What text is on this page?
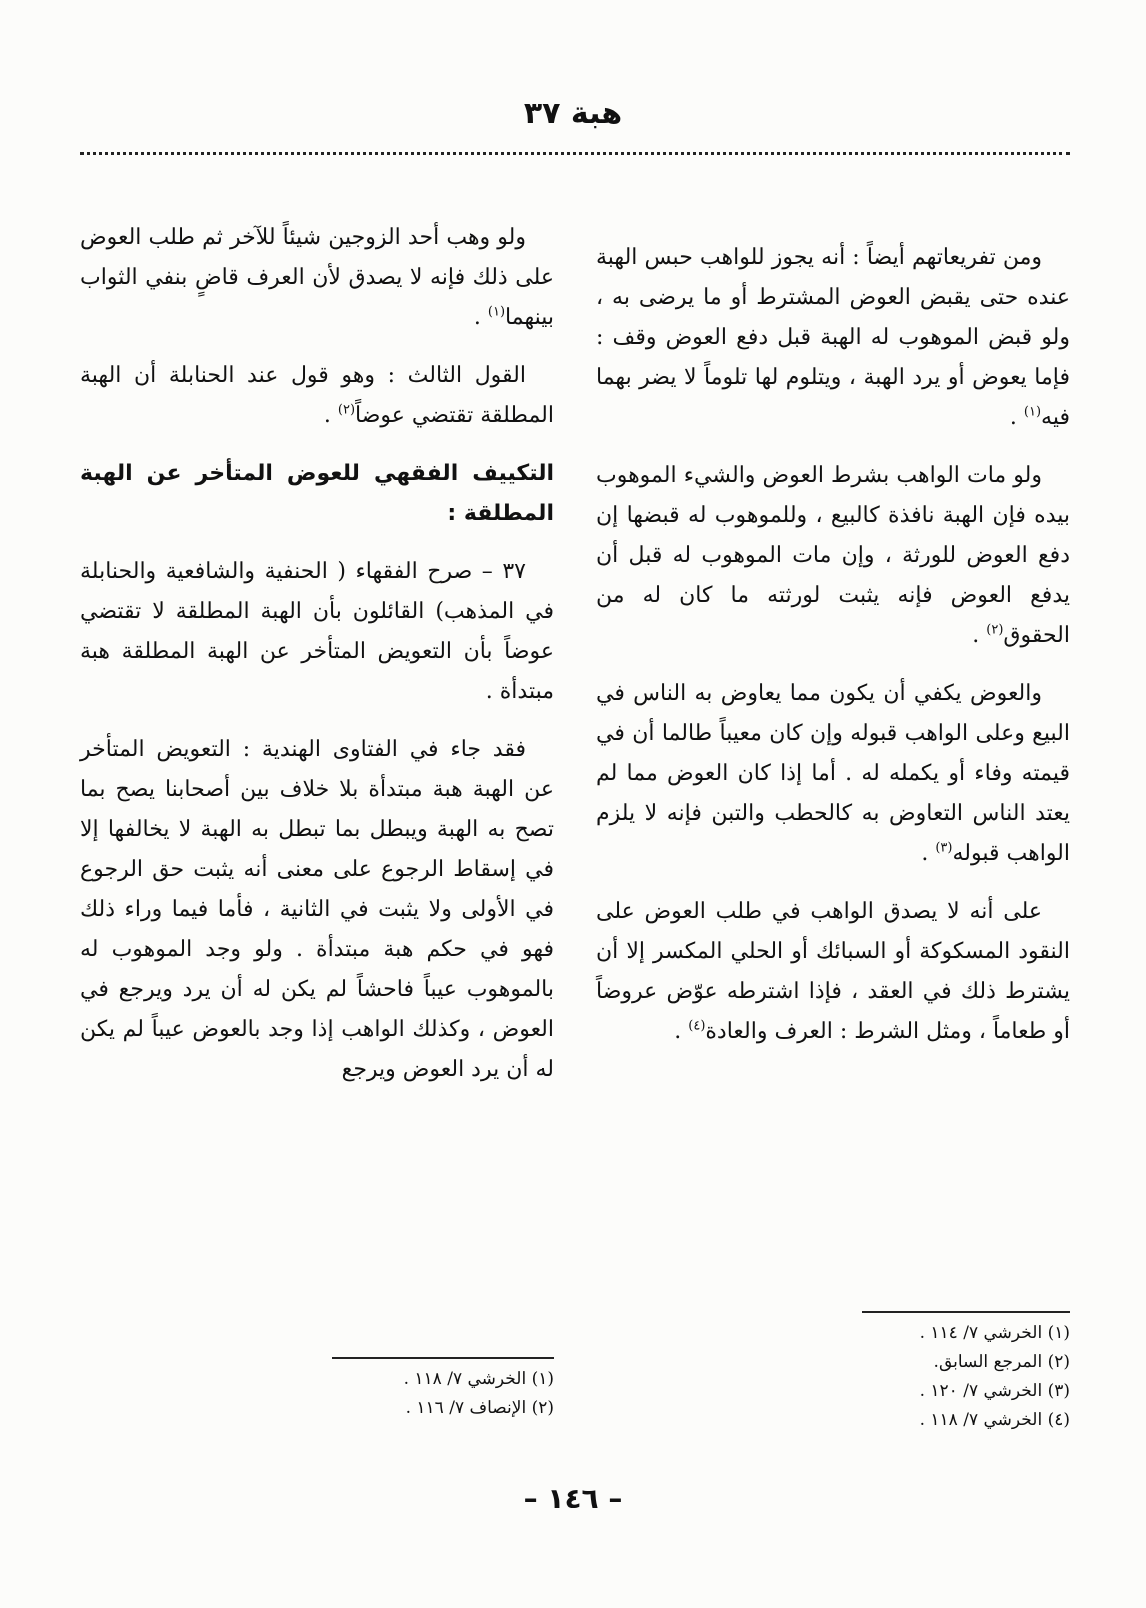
هبة ٣٧

ومن تفريعاتهم أيضاً : أنه يجوز للواهب حبس الهبة عنده حتى يقبض العوض المشترط أو ما يرضى به ، ولو قبض الموهوب له الهبة قبل دفع العوض وقف : فإما يعوض أو يرد الهبة ، ويتلوم لها تلوماً لا يضر بهما فيه$^{(١)}$ .

ولو مات الواهب بشرط العوض والشيء الموهوب بيده فإن الهبة نافذة كالبيع ، وللموهوب له قبضها إن دفع العوض للورثة ، وإن مات الموهوب له قبل أن يدفع العوض فإنه يثبت لورثته ما كان له من الحقوق$^{(٢)}$ .

والعوض يكفي أن يكون مما يعاوض به الناس في البيع وعلى الواهب قبوله وإن كان معيباً طالما أن في قيمته وفاء أو يكمله له . أما إذا كان العوض مما لم يعتد الناس التعاوض به كالحطب والتبن فإنه لا يلزم الواهب قبوله$^{(٣)}$ .

على أنه لا يصدق الواهب في طلب العوض على النقود المسكوكة أو السبائك أو الحلي المكسر إلا أن يشترط ذلك في العقد ، فإذا اشترطه عوّض عروضاً أو طعاماً ، ومثل الشرط : العرف والعادة$^{(٤)}$ .

ولو وهب أحد الزوجين شيئاً للآخر ثم طلب العوض على ذلك فإنه لا يصدق لأن العرف قاضٍ بنفي الثواب بينهما$^{(١)}$ .

القول الثالث : وهو قول عند الحنابلة أن الهبة المطلقة تقتضي عوضاً$^{(٢)}$ .

التكييف الفقهي للعوض المتأخر عن الهبة المطلقة :

٣٧ – صرح الفقهاء ( الحنفية والشافعية والحنابلة في المذهب) القائلون بأن الهبة المطلقة لا تقتضي عوضاً بأن التعويض المتأخر عن الهبة المطلقة هبة مبتدأة .

فقد جاء في الفتاوى الهندية : التعويض المتأخر عن الهبة هبة مبتدأة بلا خلاف بين أصحابنا يصح بما تصح به الهبة ويبطل بما تبطل به الهبة لا يخالفها إلا في إسقاط الرجوع على معنى أنه يثبت حق الرجوع في الأولى ولا يثبت في الثانية ، فأما فيما وراء ذلك فهو في حكم هبة مبتدأة . ولو وجد الموهوب له بالموهوب عيباً فاحشاً لم يكن له أن يرد ويرجع في العوض ، وكذلك الواهب إذا وجد بالعوض عيباً لم يكن له أن يرد العوض ويرجع

(١) الخرشي ٧/ ١١٤ .
(٢) المرجع السابق.
(٣) الخرشي ٧/ ١٢٠ .
(٤) الخرشي ٧/ ١١٨ .
(١) الخرشي ٧/ ١١٨ .
(٢) الإنصاف ٧/ ١١٦ .
– ١٤٦ –
